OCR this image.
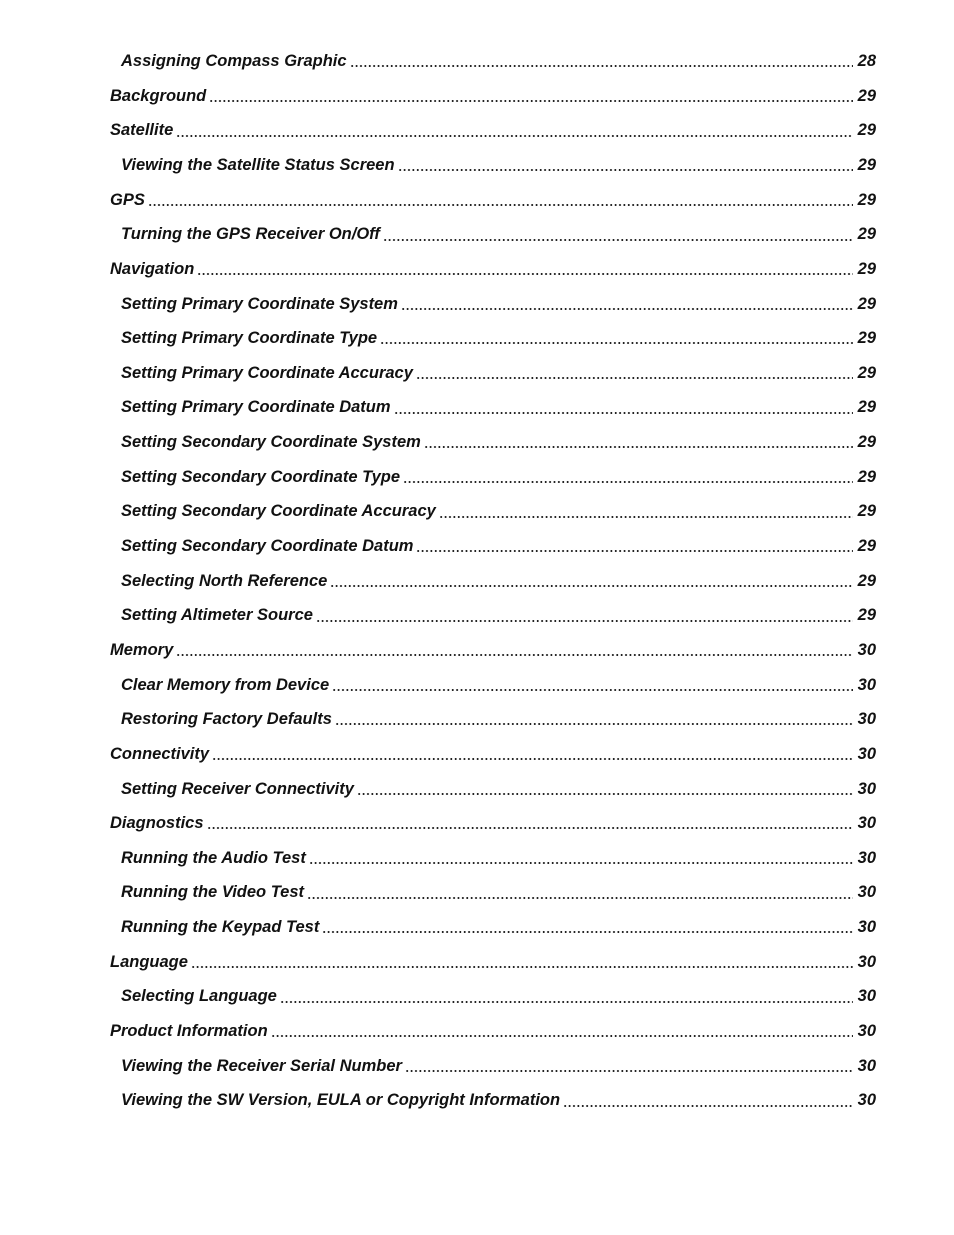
Assigning Compass Graphic	28
Background	29
Satellite	29
Viewing the Satellite Status Screen	29
GPS	29
Turning the GPS Receiver On/Off	29
Navigation	29
Setting Primary Coordinate System	29
Setting Primary Coordinate Type	29
Setting Primary Coordinate Accuracy	29
Setting Primary Coordinate Datum	29
Setting Secondary Coordinate System	29
Setting Secondary Coordinate Type	29
Setting Secondary Coordinate Accuracy	29
Setting Secondary Coordinate Datum	29
Selecting North Reference	29
Setting Altimeter Source	29
Memory	30
Clear Memory from Device	30
Restoring Factory Defaults	30
Connectivity	30
Setting Receiver Connectivity	30
Diagnostics	30
Running the Audio Test	30
Running the Video Test	30
Running the Keypad Test	30
Language	30
Selecting Language	30
Product Information	30
Viewing the Receiver Serial Number	30
Viewing the SW Version, EULA or Copyright Information	30
